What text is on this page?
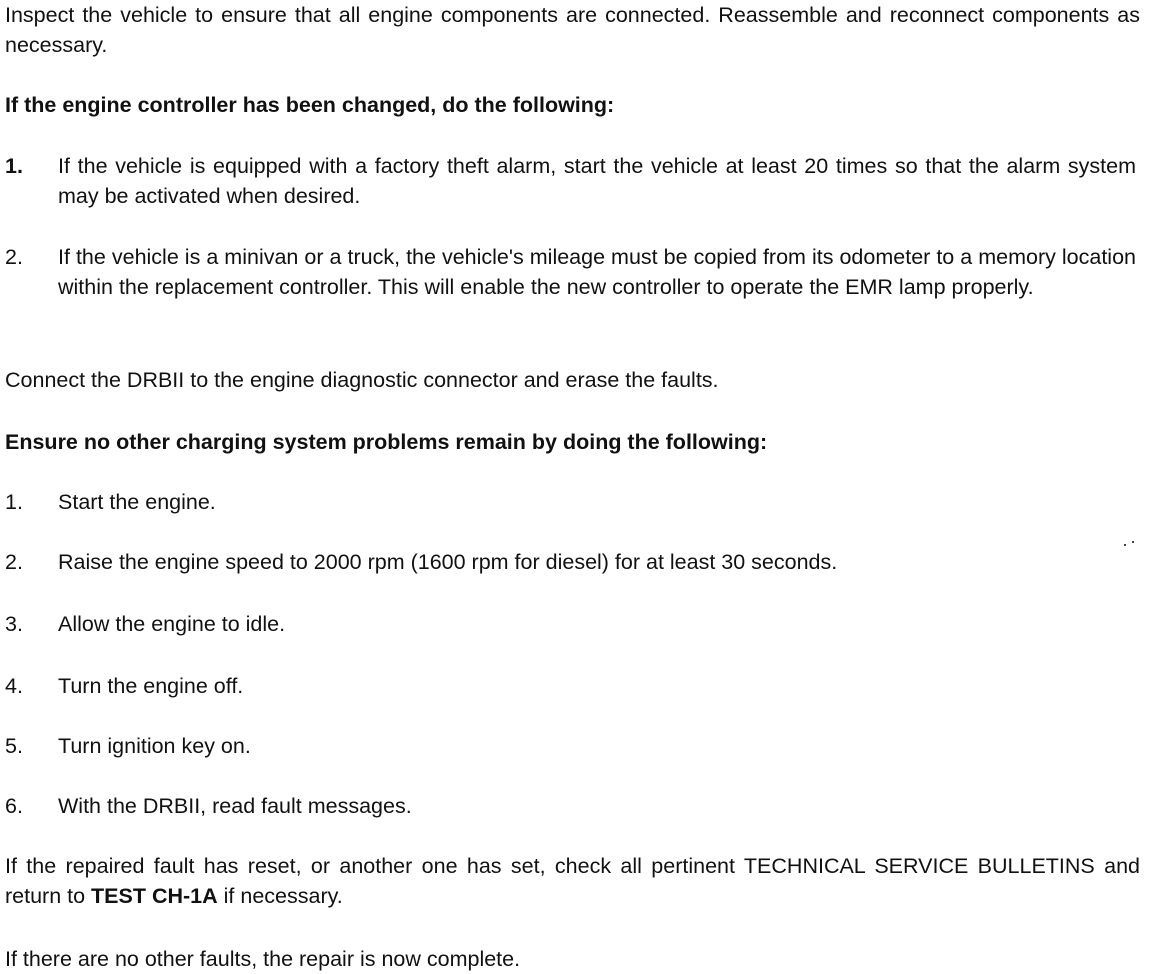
Inspect the vehicle to ensure that all engine components are connected. Reassemble and reconnect components as necessary.

If the engine controller has been changed, do the following:

1.	If the vehicle is equipped with a factory theft alarm, start the vehicle at least 20 times so that the alarm system may be activated when desired.
2.	If the vehicle is a minivan or a truck, the vehicle's mileage must be copied from its odometer to a memory location within the replacement controller. This will enable the new controller to operate the EMR lamp properly.

Connect the DRBII to the engine diagnostic connector and erase the faults.

Ensure no other charging system problems remain by doing the following:

1.	Start the engine.
2.	Raise the engine speed to 2000 rpm (1600 rpm for diesel) for at least 30 seconds.
3.	Allow the engine to idle.
4.	Turn the engine off.
5.	Turn ignition key on.
6.	With the DRBII, read fault messages.

If the repaired fault has reset, or another one has set, check all pertinent TECHNICAL SERVICE BULLETINS and return to TEST CH-1A if necessary.

If there are no other faults, the repair is now complete.
